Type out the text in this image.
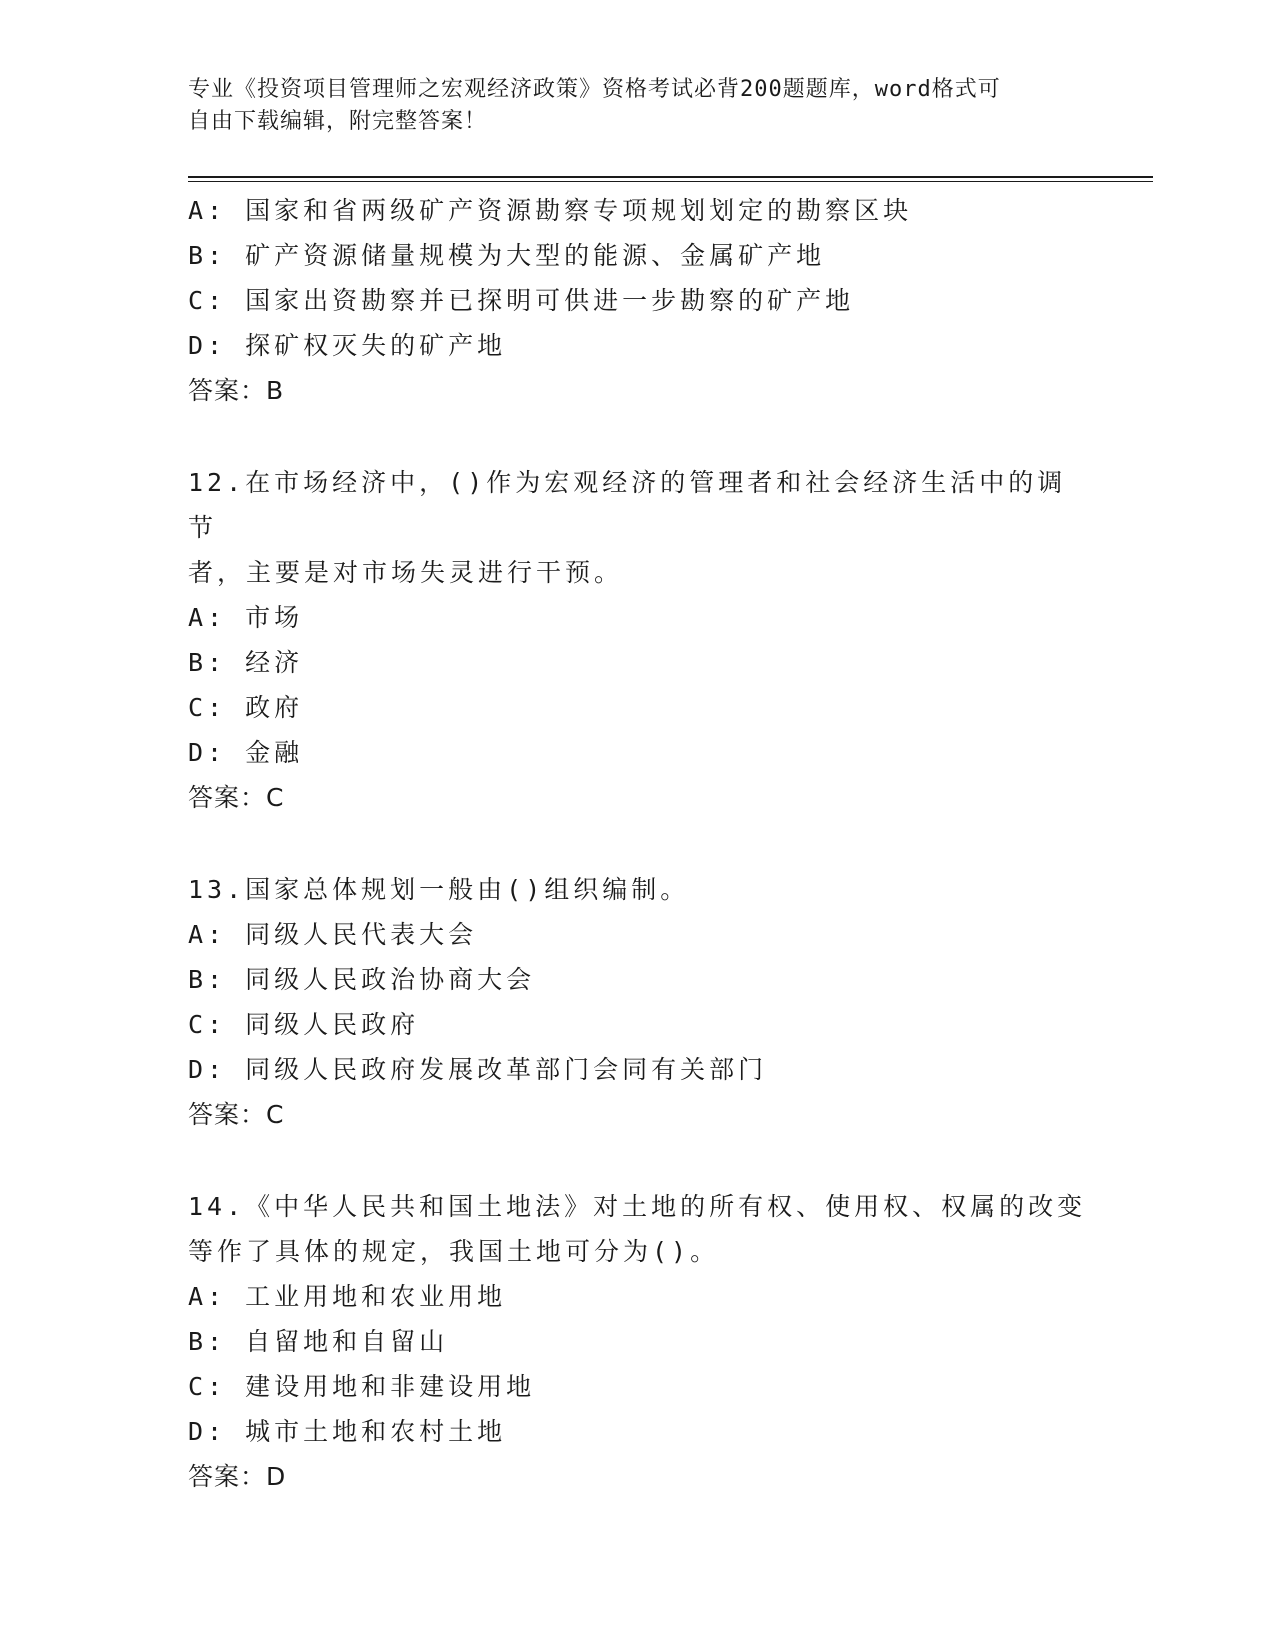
专业《投资项目管理师之宏观经济政策》资格考试必背200题题库，word格式可
自由下载编辑，附完整答案！
A: 国家和省两级矿产资源勘察专项规划划定的勘察区块
B: 矿产资源储量规模为大型的能源、金属矿产地
C: 国家出资勘察并已探明可供进一步勘察的矿产地
D: 探矿权灭失的矿产地
答案：B
12.在市场经济中，()作为宏观经济的管理者和社会经济生活中的调节
者，主要是对市场失灵进行干预。
A: 市场
B: 经济
C: 政府
D: 金融
答案：C
13.国家总体规划一般由()组织编制。
A: 同级人民代表大会
B: 同级人民政治协商大会
C: 同级人民政府
D: 同级人民政府发展改革部门会同有关部门
答案：C
14.《中华人民共和国土地法》对土地的所有权、使用权、权属的改变
等作了具体的规定，我国土地可分为()。
A: 工业用地和农业用地
B: 自留地和自留山
C: 建设用地和非建设用地
D: 城市土地和农村土地
答案：D
